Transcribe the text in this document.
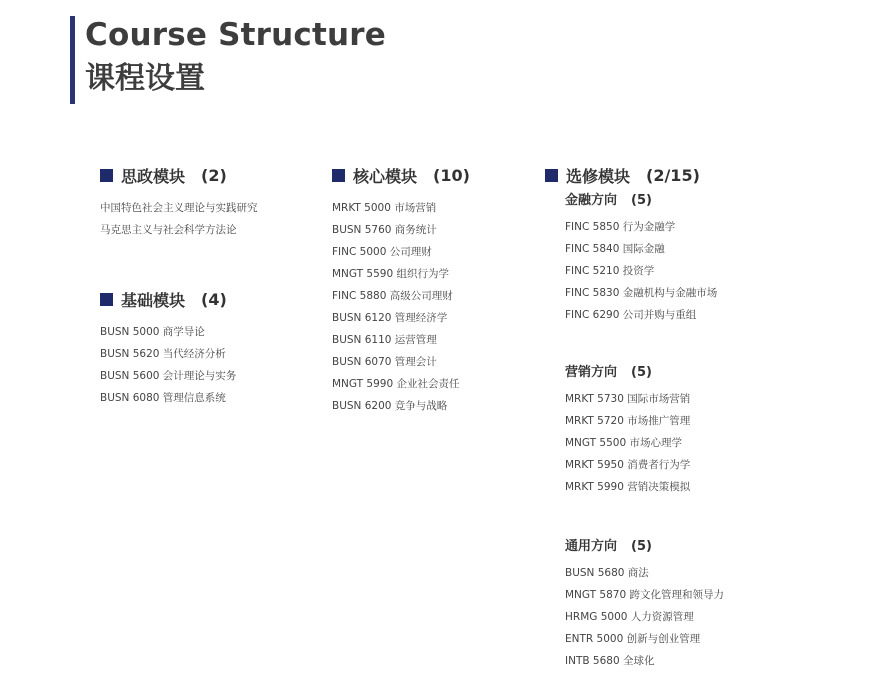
Course Structure
课程设置
思政模块 (2)
中国特色社会主义理论与实践研究
马克思主义与社会科学方法论
基础模块 (4)
BUSN 5000 商学导论
BUSN 5620 当代经济分析
BUSN 5600 会计理论与实务
BUSN 6080 管理信息系统
核心模块 (10)
MRKT 5000 市场营销
BUSN 5760 商务统计
FINC 5000 公司理财
MNGT 5590 组织行为学
FINC 5880 高级公司理财
BUSN 6120 管理经济学
BUSN 6110 运营管理
BUSN 6070 管理会计
MNGT 5990 企业社会责任
BUSN 6200 竞争与战略
选修模块 (2/15)
金融方向 (5)
FINC 5850 行为金融学
FINC 5840 国际金融
FINC 5210 投资学
FINC 5830 金融机构与金融市场
FINC 6290 公司并购与重组
营销方向 (5)
MRKT 5730 国际市场营销
MRKT 5720 市场推广管理
MNGT 5500 市场心理学
MRKT 5950 消费者行为学
MRKT 5990 营销决策模拟
通用方向 (5)
BUSN 5680 商法
MNGT 5870 跨文化管理和领导力
HRMG 5000 人力资源管理
ENTR 5000 创新与创业管理
INTB 5680 全球化
